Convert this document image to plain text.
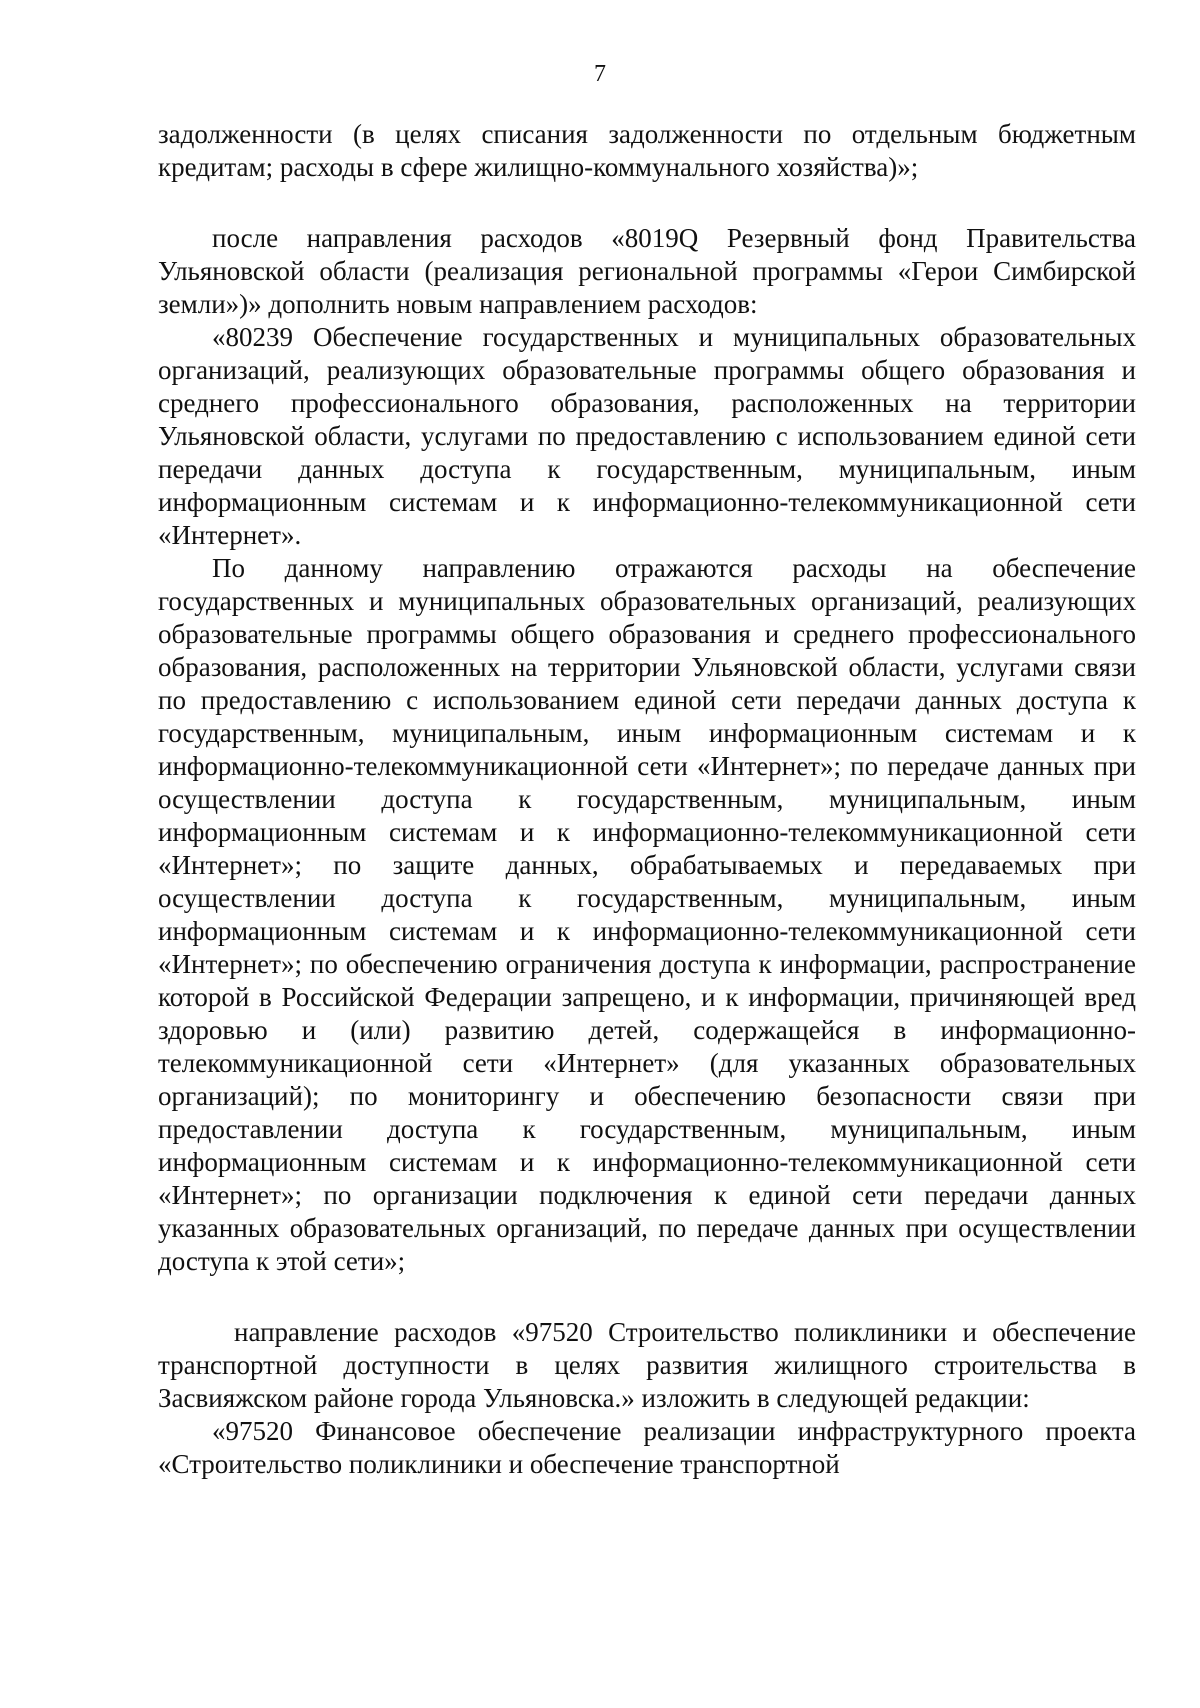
7

задолженности (в целях списания задолженности по отдельным бюджетным кредитам; расходы в сфере жилищно-коммунального хозяйства)»;

после направления расходов «8019Q Резервный фонд Правительства Ульяновской области (реализация региональной программы «Герои Симбирской земли»)» дополнить новым направлением расходов:

«80239 Обеспечение государственных и муниципальных образовательных организаций, реализующих образовательные программы общего образования и среднего профессионального образования, расположенных на территории Ульяновской области, услугами по предоставлению с использованием единой сети передачи данных доступа к государственным, муниципальным, иным информационным системам и к информационно-телекоммуникационной сети «Интернет».

По данному направлению отражаются расходы на обеспечение государственных и муниципальных образовательных организаций, реализующих образовательные программы общего образования и среднего профессионального образования, расположенных на территории Ульяновской области, услугами связи по предоставлению с использованием единой сети передачи данных доступа к государственным, муниципальным, иным информационным системам и к информационно-телекоммуникационной сети «Интернет»; по передаче данных при осуществлении доступа к государственным, муниципальным, иным информационным системам и к информационно-телекоммуникационной сети «Интернет»; по защите данных, обрабатываемых и передаваемых при осуществлении доступа к государственным, муниципальным, иным информационным системам и к информационно-телекоммуникационной сети «Интернет»; по обеспечению ограничения доступа к информации, распространение которой в Российской Федерации запрещено, и к информации, причиняющей вред здоровью и (или) развитию детей, содержащейся в информационно-телекоммуникационной сети «Интернет» (для указанных образовательных организаций); по мониторингу и обеспечению безопасности связи при предоставлении доступа к государственным, муниципальным, иным информационным системам и к информационно-телекоммуникационной сети «Интернет»; по организации подключения к единой сети передачи данных указанных образовательных организаций, по передаче данных при осуществлении доступа к этой сети»;

направление расходов «97520 Строительство поликлиники и обеспечение транспортной доступности в целях развития жилищного строительства в Засвияжском районе города Ульяновска.» изложить в следующей редакции:

«97520 Финансовое обеспечение реализации инфраструктурного проекта «Строительство поликлиники и обеспечение транспортной
